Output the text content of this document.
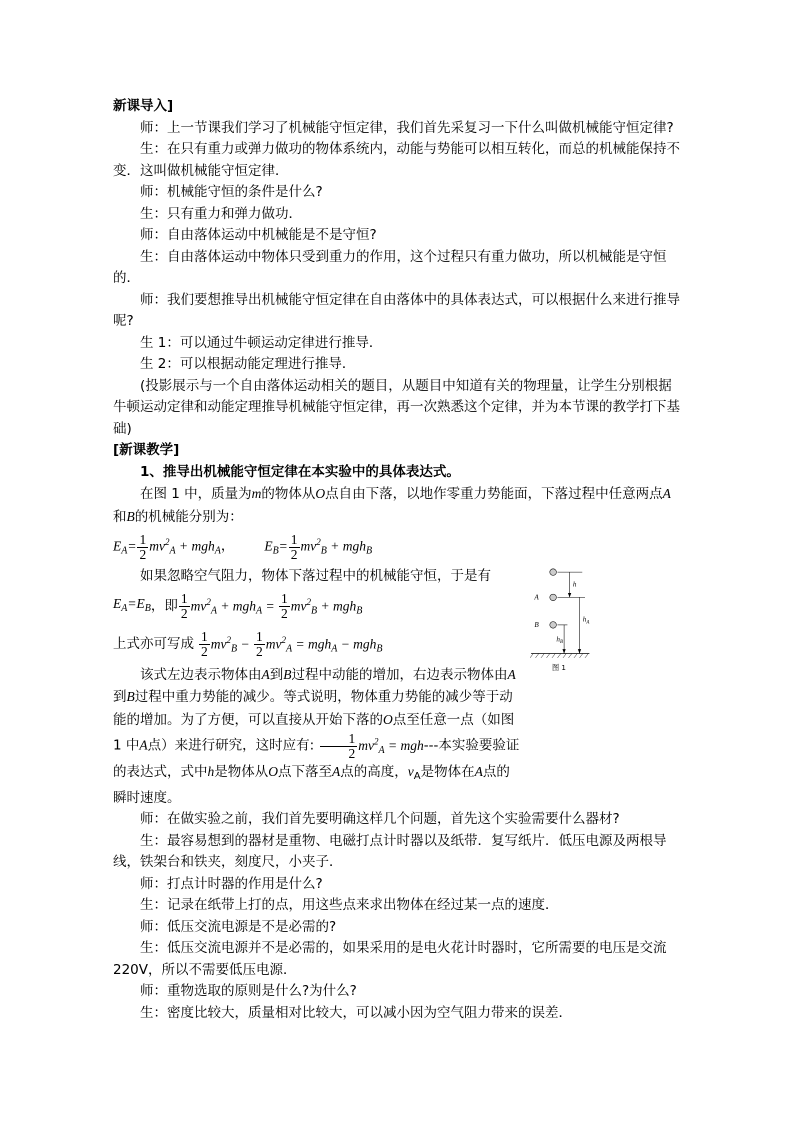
新课导入]

师：上一节课我们学习了机械能守恒定律，我们首先采复习一下什么叫做机械能守恒定律?

生：在只有重力或弹力做功的物体系统内，动能与势能可以相互转化，而总的机械能保持不变．这叫做机械能守恒定律．

师：机械能守恒的条件是什么?

生：只有重力和弹力做功．

师：自由落体运动中机械能是不是守恒?

生：自由落体运动中物体只受到重力的作用，这个过程只有重力做功，所以机械能是守恒的．

师：我们要想推导出机械能守恒定律在自由落体中的具体表达式，可以根据什么来进行推导呢?

生 1：可以通过牛顿运动定律进行推导．

生 2：可以根据动能定理进行推导．

(投影展示与一个自由落体运动相关的题目，从题目中知道有关的物理量，让学生分别根据牛顿运动定律和动能定理推导机械能守恒定律，再一次熟悉这个定律，并为本节课的教学打下基础)

[新课教学]

1、推导出机械能守恒定律在本实验中的具体表达式。

在图 1 中，质量为m的物体从O点自由下落，以地作零重力势能面，下落过程中任意两点A和B的机械能分别为：

$E_A= \frac{1}{2} mv^2_A + mgh_A$ ， $E_B= \frac{1}{2} mv^2_B + mgh_B$

如果忽略空气阻力，物体下落过程中的机械能守恒，于是有

$E_A=E_B$ ，即 $\frac{1}{2} mv^2_A + mgh_A = \frac{1}{2} mv^2_B + mgh_B$
上式亦可写成 $\frac{1}{2} mv^2_B - \frac{1}{2} mv^2_A = mgh_A - mgh_B$

该式左边表示物体由A到B过程中动能的增加，右边表示物体由A到B过程中重力势能的减少。等式说明，物体重力势能的减少等于动能的增加。为了方便，可以直接从开始下落的O点至任意一点（如图 1 中A点）来进行研究，这时应有: $\frac{1}{2} mv^2_A = mgh---$本实验要验证的表达式，式中h是物体从O点下落至A点的高度，$v_A$是物体在A点的瞬时速度。

师：在做实验之前，我们首先要明确这样几个问题，首先这个实验需要什么器材?

生：最容易想到的器材是重物、电磁打点计时器以及纸带．复写纸片．低压电源及两根导线，铁架台和铁夹，刻度尺，小夹子．

师：打点计时器的作用是什么?

生：记录在纸带上打的点，用这些点来求出物体在经过某一点的速度．

师：低压交流电源是不是必需的?

生：低压交流电源并不是必需的，如果采用的是电火花计时器时，它所需要的电压是交流 220V，所以不需要低压电源．

师：重物选取的原则是什么?为什么?

生：密度比较大，质量相对比较大，可以减小因为空气阻力带来的误差．

A
B
h
$h_A$
$h_B$
图 1
